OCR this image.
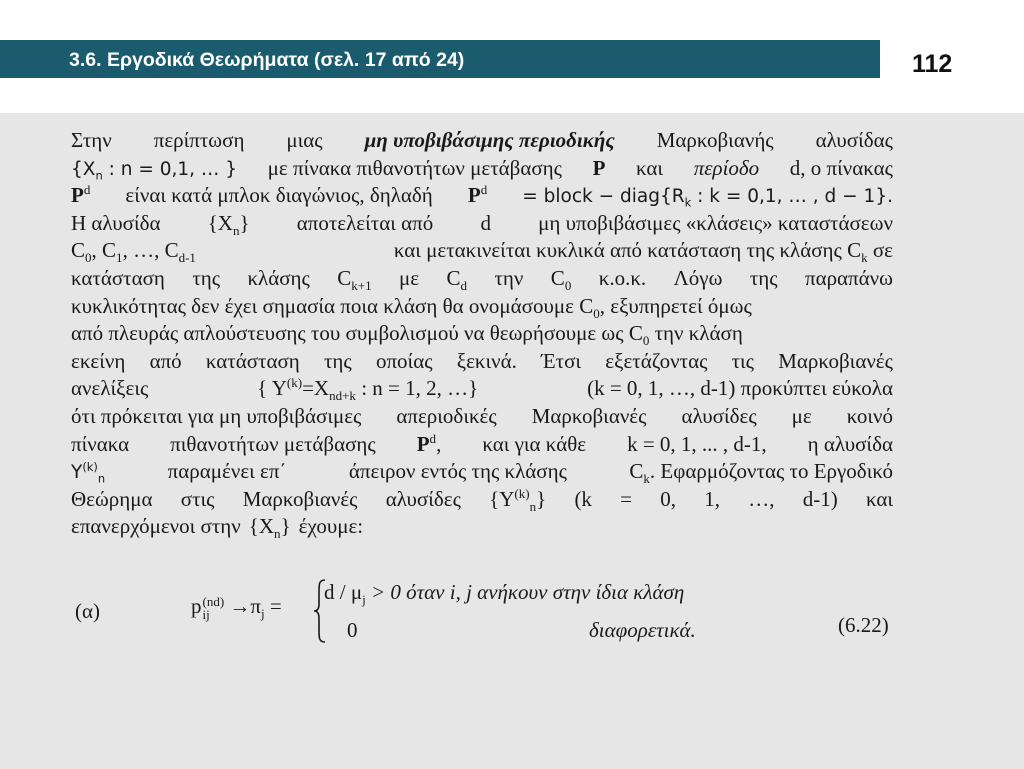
3.6. Εργοδικά Θεωρήματα (σελ. 17 από 24)	112
Στην περίπτωση μιας μη υποβιβάσιμης περιοδικής Μαρκοβιανής αλυσίδας
{$X_n$ : n = 0,1, … } με πίνακα πιθανοτήτων μετάβασης P και περίοδο d, ο πίνακας
$P^d$ είναι κατά μπλοκ διαγώνιος, δηλαδή $P^d$ = block − $diag\{R_k$ : k = 0,1, … , d − 1}.
Η αλυσίδα $\{X_n\}$ αποτελείται από d μη υποβιβάσιμες «κλάσεις» καταστάσεων
$C_0$, $C_1$, …, $C_{d-1}$	και μετακινείται κυκλικά από κατάσταση της κλάσης $C_k$ σε
κατάσταση της κλάσης $C_{k+1}$ με $C_d$ την $C_0$ κ.ο.κ. Λόγω της παραπάνω
κυκλικότητας δεν έχει σημασία ποια κλάση θα ονομάσουμε $C_0$, εξυπηρετεί όμως
από πλευράς απλούστευσης του συμβολισμού να θεωρήσουμε ως $C_0$ την κλάση
εκείνη από κατάσταση της οποίας ξεκινά. Έτσι εξετάζοντας τις Μαρκοβιανές
ανελίξεις	{ $Y^{(k)}=X_{nd+k}$ : n = 1, 2, …}	(k = 0, 1, …, d-1) προκύπτει εύκολα
ότι πρόκειται για μη υποβιβάσιμες απεριοδικές Μαρκοβιανές αλυσίδες με κοινό
πίνακα πιθανοτήτων μετάβασης $P^d$, και για κάθε k = 0, 1, ... , d-1, η αλυσίδα
$Y^{(k)}_n$	παραμένει επ΄	άπειρον εντός της κλάσης	$C_k$. Εφαρμόζοντας το Εργοδικό
Θεώρημα στις Μαρκοβιανές αλυσίδες $\{Y^{(k)}_n\} (k = 0$, 1, …, d-1) και
επανερχόμενοι στην $\{X_n\}$ έχουμε:
(α)	p(nd)
ij $\to\pi_j$ =
$d / \mu_j > 0$ όταν i, j ανήκουν στην ίδια κλάση
0	διαφορετικά.	(6.22)
